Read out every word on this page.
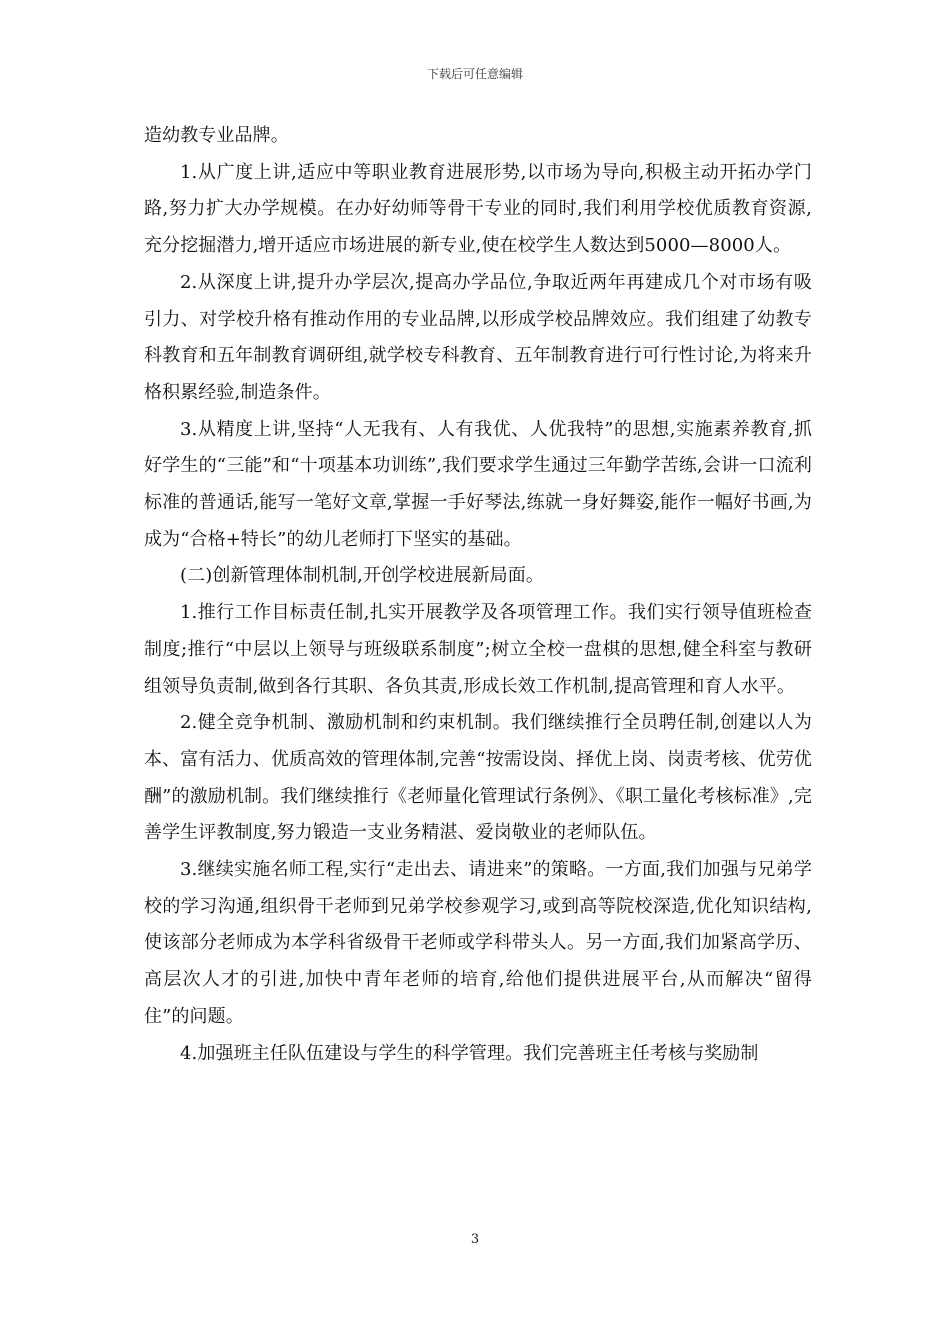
下载后可任意编辑

造幼教专业品牌。

1.从广度上讲,适应中等职业教育进展形势,以市场为导向,积极主动开拓办学门路,努力扩大办学规模。在办好幼师等骨干专业的同时,我们利用学校优质教育资源,充分挖掘潜力,增开适应市场进展的新专业,使在校学生人数达到5000—8000人。

2.从深度上讲,提升办学层次,提高办学品位,争取近两年再建成几个对市场有吸引力、对学校升格有推动作用的专业品牌,以形成学校品牌效应。我们组建了幼教专科教育和五年制教育调研组,就学校专科教育、五年制教育进行可行性讨论,为将来升格积累经验,制造条件。

3.从精度上讲,坚持“人无我有、人有我优、人优我特”的思想,实施素养教育,抓好学生的“三能”和“十项基本功训练”,我们要求学生通过三年勤学苦练,会讲一口流利标准的普通话,能写一笔好文章,掌握一手好琴法,练就一身好舞姿,能作一幅好书画,为成为“合格+特长”的幼儿老师打下坚实的基础。

(二)创新管理体制机制,开创学校进展新局面。

1.推行工作目标责任制,扎实开展教学及各项管理工作。我们实行领导值班检查制度;推行“中层以上领导与班级联系制度”;树立全校一盘棋的思想,健全科室与教研组领导负责制,做到各行其职、各负其责,形成长效工作机制,提高管理和育人水平。

2.健全竞争机制、激励机制和约束机制。我们继续推行全员聘任制,创建以人为本、富有活力、优质高效的管理体制,完善“按需设岗、择优上岗、岗责考核、优劳优酬”的激励机制。我们继续推行《老师量化管理试行条例》、《职工量化考核标准》,完善学生评教制度,努力锻造一支业务精湛、爱岗敬业的老师队伍。

3.继续实施名师工程,实行“走出去、请进来”的策略。一方面,我们加强与兄弟学校的学习沟通,组织骨干老师到兄弟学校参观学习,或到高等院校深造,优化知识结构,使该部分老师成为本学科省级骨干老师或学科带头人。另一方面,我们加紧高学历、高层次人才的引进,加快中青年老师的培育,给他们提供进展平台,从而解决“留得住”的问题。

4.加强班主任队伍建设与学生的科学管理。我们完善班主任考核与奖励制

3
